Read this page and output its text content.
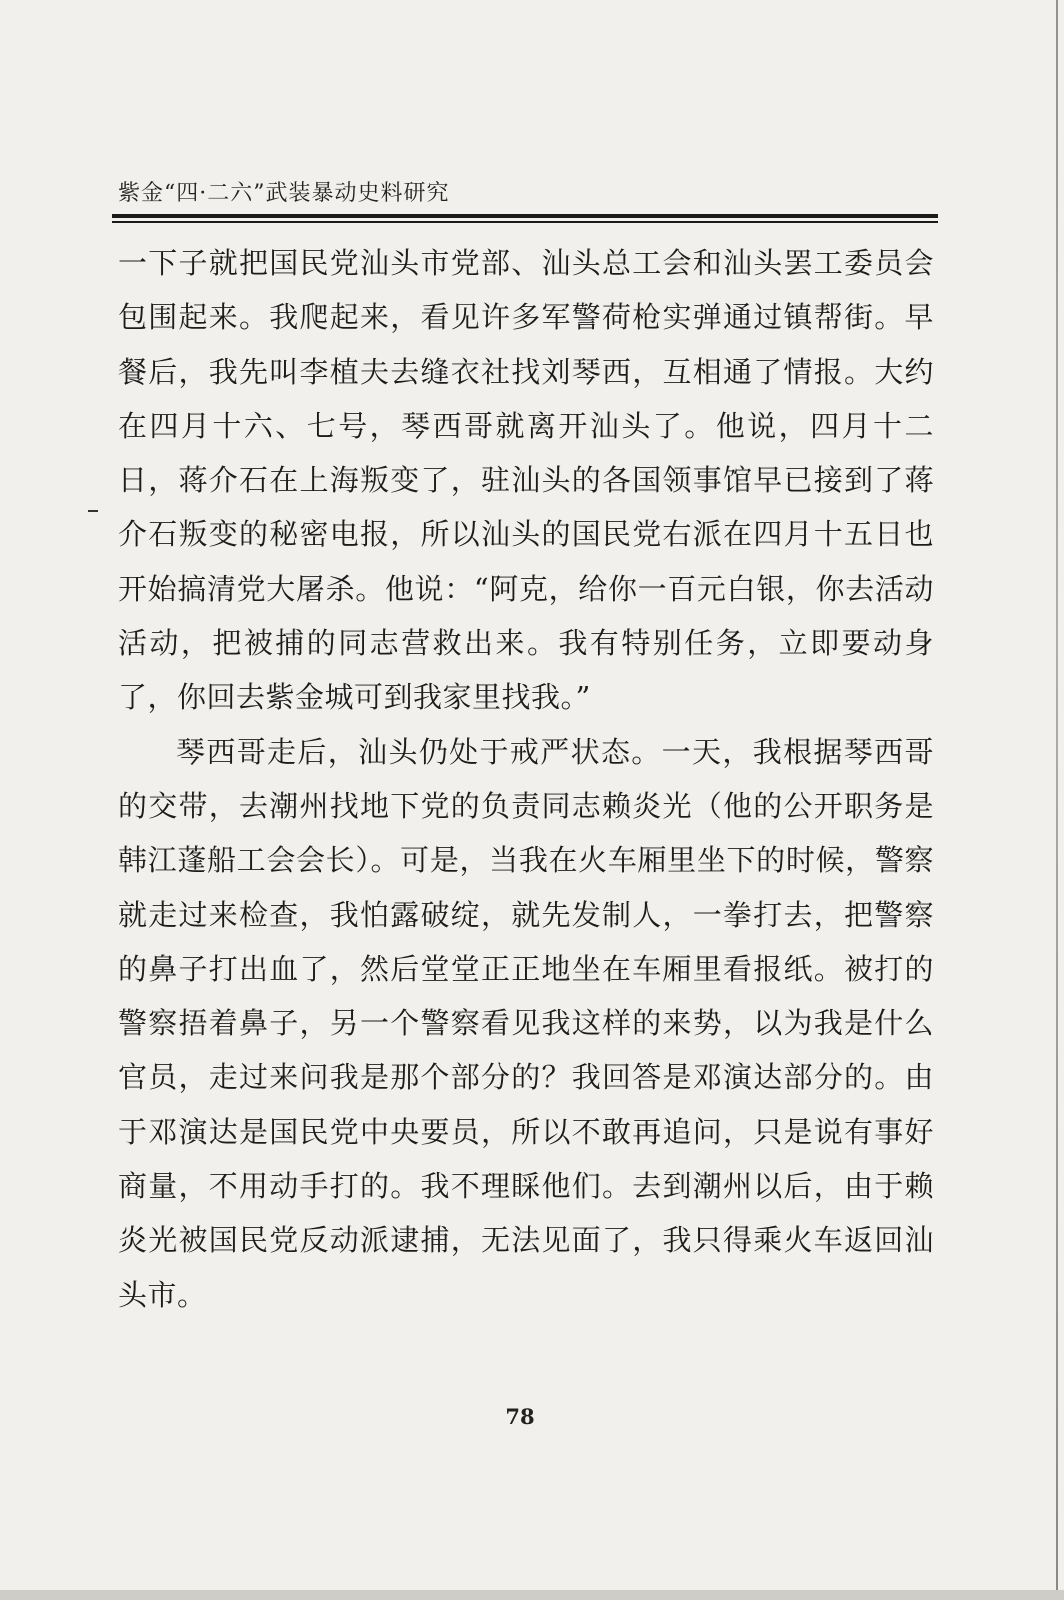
紫金“四·二六”武装暴动史料研究

一下子就把国民党汕头市党部、汕头总工会和汕头罢工委员会包围起来。我爬起来，看见许多军警荷枪实弹通过镇帮街。早餐后，我先叫李植夫去缝衣社找刘琴西，互相通了情报。大约在四月十六、七号，琴西哥就离开汕头了。他说，四月十二日，蒋介石在上海叛变了，驻汕头的各国领事馆早已接到了蒋介石叛变的秘密电报，所以汕头的国民党右派在四月十五日也开始搞清党大屠杀。他说：“阿克，给你一百元白银，你去活动活动，把被捕的同志营救出来。我有特别任务，立即要动身了，你回去紫金城可到我家里找我。”

琴西哥走后，汕头仍处于戒严状态。一天，我根据琴西哥的交带，去潮州找地下党的负责同志赖炎光（他的公开职务是韩江蓬船工会会长）。可是，当我在火车厢里坐下的时候，警察就走过来检查，我怕露破绽，就先发制人，一拳打去，把警察的鼻子打出血了，然后堂堂正正地坐在车厢里看报纸。被打的警察捂着鼻子，另一个警察看见我这样的来势，以为我是什么官员，走过来问我是那个部分的？我回答是邓演达部分的。由于邓演达是国民党中央要员，所以不敢再追问，只是说有事好商量，不用动手打的。我不理睬他们。去到潮州以后，由于赖炎光被国民党反动派逮捕，无法见面了，我只得乘火车返回汕头市。

78
